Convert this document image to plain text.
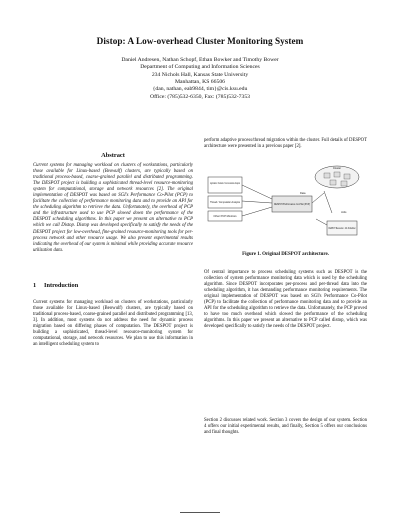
Distop: A Low-overhead Cluster Monitoring System
Daniel Andresen, Nathan Schopf, Ethan Bowker and Timothy Bower
Department of Computing and Information Sciences
234 Nichols Hall, Kansas State University
Manhattan, KS 66506
{dan, nathan, eab9844, tim}@cis.ksu.edu
Office: (785)532-6350, Fax: (785)532-7353
Abstract

Current systems for managing workload on clusters of workstations, particularly those available for Linux-based (Beowulf) clusters, are typically based on traditional process-based, coarse-grained parallel and distributed programming. The DESPOT project is building a sophisticated thread-level resource-monitoring system for computational, storage and network resources [2]. The original implementation of DESPOT was based on SGI's Performance Co-Pilot (PCP) to facilitate the collection of performance monitoring data and to provide an API for the scheduling algorithm to retrieve the data. Unfortunately, the overhead of PCP and the infrastructure used to use PCP slowed down the performance of the DESPOT scheduling algorithms. In this paper we present an alternative to PCP which we call Distop. Distop was developed specifically to satisfy the needs of the DESPOT project for low-overhead, fine-grained resource-monitoring tools for per-process network and other resource usage. We also present experimental results indicating the overhead of our system is minimal while providing accurate resource utilization data.

1     Introduction

Current systems for managing workload on clusters of workstations, particularly those available for Linux-based (Beowulf) clusters, are typically based on traditional process-based, coarse-grained parallel and distributed programming [13, 3]. In addition, most systems do not address the need for dynamic process migration based on differing phases of computation. The DESPOT project is building a sophisticated, thread-level resource-monitoring system for computational, storage, and network resources. We plan to use this information in an intelligent scheduling system to

perform adaptive process/thread migration within the cluster. Full details of DESPOT architecture were presented in a previous paper [2].

Cluster
Application / Network / Communication Analysis
Thread / Computation Analysis
Other PCP Monitors
DESPOT/Performance Co-Pilot (PCP)
Data
DESPOT Resource / Job Scheduler
Jobs
Figure 1. Original DESPOT architecture.

Of central importance to process scheduling systems such as DESPOT is the collection of system performance monitoring data which is used by the scheduling algorithm. Since DESPOT incorporates per-process and per-thread data into the scheduling algorithm, it has demanding performance monitoring requirements. The original implementation of DESPOT was based on SGI's Performance Co-Pilot (PCP) to facilitate the collection of performance monitoring data and to provide an API for the scheduling algorithm to retrieve the data. Unfortunately, the PCP proved to have too much overhead which slowed the performance of the scheduling algorithms. In this paper we present an alternative to PCP called distop, which was developed specifically to satisfy the needs of the DESPOT project.

Section 2 discusses related work. Section 3 covers the design of our system. Section 4 offers our initial experimental results, and finally, Section 5 offers our conclusions and final thoughts.
